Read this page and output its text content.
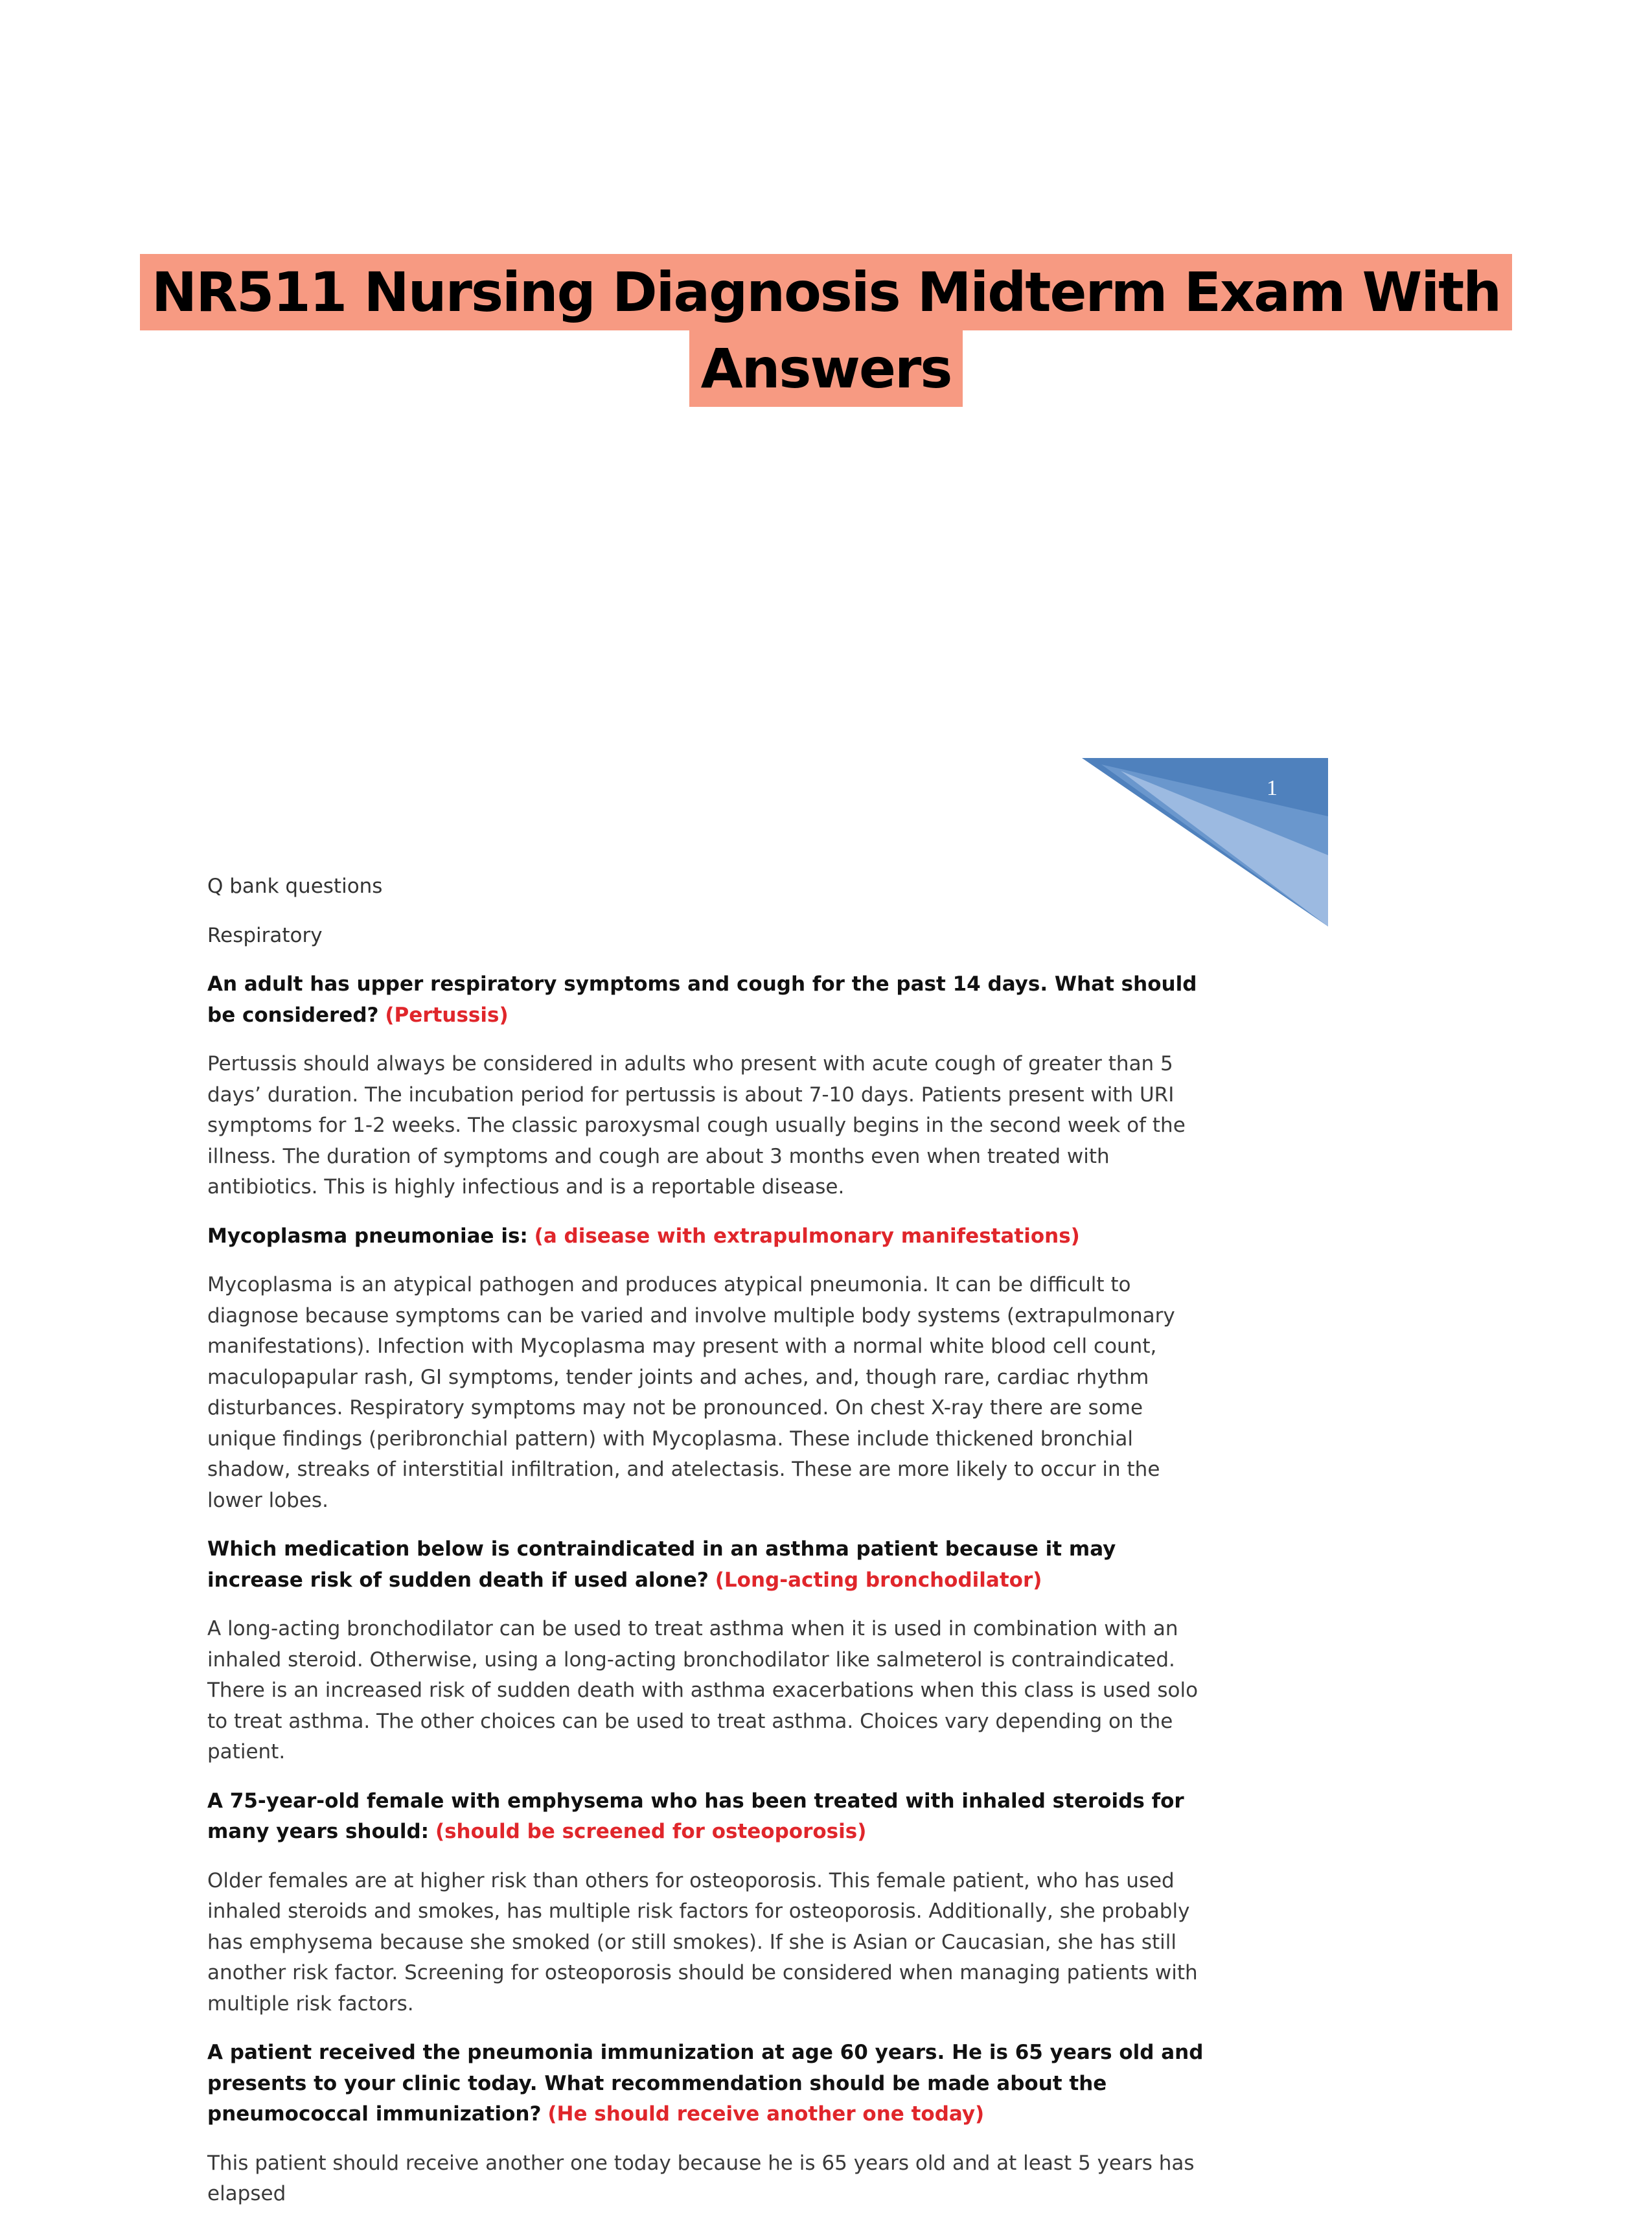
NR511 Nursing Diagnosis Midterm Exam With
Answers
1

Q bank questions

Respiratory

An adult has upper respiratory symptoms and cough for the past 14 days. What should be considered? (Pertussis)

Pertussis should always be considered in adults who present with acute cough of greater than 5 days’ duration. The incubation period for pertussis is about 7-10 days. Patients present with URI symptoms for 1-2 weeks. The classic paroxysmal cough usually begins in the second week of the illness. The duration of symptoms and cough are about 3 months even when treated with antibiotics. This is highly infectious and is a reportable disease.

Mycoplasma pneumoniae is: (a disease with extrapulmonary manifestations)

Mycoplasma is an atypical pathogen and produces atypical pneumonia. It can be difficult to diagnose because symptoms can be varied and involve multiple body systems (extrapulmonary manifestations). Infection with Mycoplasma may present with a normal white blood cell count, maculopapular rash, GI symptoms, tender joints and aches, and, though rare, cardiac rhythm disturbances. Respiratory symptoms may not be pronounced. On chest X-ray there are some unique findings (peribronchial pattern) with Mycoplasma. These include thickened bronchial shadow, streaks of interstitial infiltration, and atelectasis. These are more likely to occur in the lower lobes.

Which medication below is contraindicated in an asthma patient because it may increase risk of sudden death if used alone? (Long-acting bronchodilator)

A long-acting bronchodilator can be used to treat asthma when it is used in combination with an inhaled steroid. Otherwise, using a long-acting bronchodilator like salmeterol is contraindicated. There is an increased risk of sudden death with asthma exacerbations when this class is used solo to treat asthma. The other choices can be used to treat asthma. Choices vary depending on the patient.

A 75-year-old female with emphysema who has been treated with inhaled steroids for many years should: (should be screened for osteoporosis)

Older females are at higher risk than others for osteoporosis. This female patient, who has used inhaled steroids and smokes, has multiple risk factors for osteoporosis. Additionally, she probably has emphysema because she smoked (or still smokes). If she is Asian or Caucasian, she has still another risk factor. Screening for osteoporosis should be considered when managing patients with multiple risk factors.

A patient received the pneumonia immunization at age 60 years. He is 65 years old and presents to your clinic today. What recommendation should be made about the pneumococcal immunization? (He should receive another one today)

This patient should receive another one today because he is 65 years old and at least 5 years has elapsed
